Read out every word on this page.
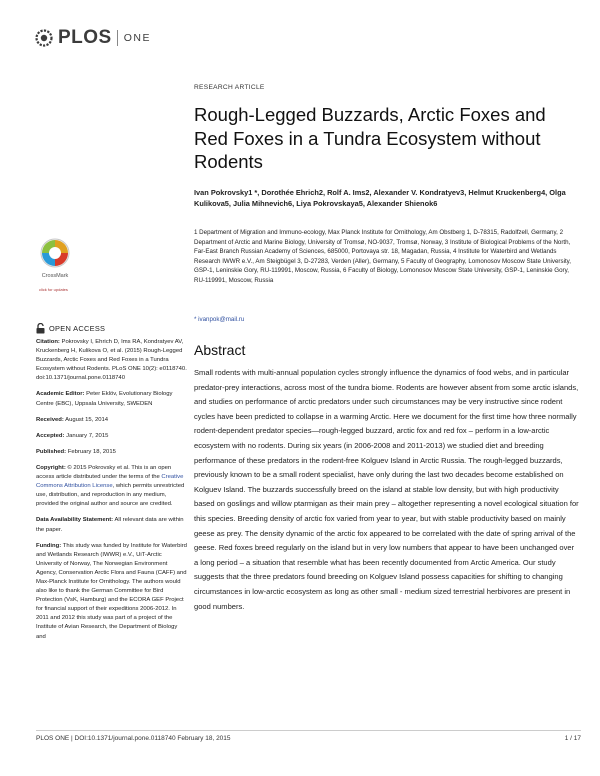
PLOS ONE
RESEARCH ARTICLE
Rough-Legged Buzzards, Arctic Foxes and Red Foxes in a Tundra Ecosystem without Rodents
Ivan Pokrovsky1 *, Dorothée Ehrich2, Rolf A. Ims2, Alexander V. Kondratyev3, Helmut Kruckenberg4, Olga Kulikova5, Julia Mihnevich6, Liya Pokrovskaya5, Alexander Shienok6
1 Department of Migration and Immuno-ecology, Max Planck Institute for Ornithology, Am Obstberg 1, D-78315, Radolfzell, Germany, 2 Department of Arctic and Marine Biology, University of Tromsø, NO-9037, Tromsø, Norway, 3 Institute of Biological Problems of the North, Far-East Branch Russian Academy of Sciences, 685000, Portovaya str. 18, Magadan, Russia, 4 Institute for Waterbird and Wetlands Research IWWR e.V., Am Steigbügel 3, D-27283, Verden (Aller), Germany, 5 Faculty of Geography, Lomonosov Moscow State University, GSP-1, Leninskie Gory, RU-119991, Moscow, Russia, 6 Faculty of Biology, Lomonosov Moscow State University, GSP-1, Leninskie Gory, RU-119991, Moscow, Russia
* ivanpok@mail.ru
CrossMark
click for updates
OPEN ACCESS

Citation: Pokrovsky I, Ehrich D, Ims RA, Kondratyev AV, Kruckenberg H, Kulikova O, et al. (2015) Rough-Legged Buzzards, Arctic Foxes and Red Foxes in a Tundra Ecosystem without Rodents. PLoS ONE 10(2): e0118740. doi:10.1371/journal.pone.0118740

Academic Editor: Peter Eklöv, Evolutionary Biology Centre (EBC), Uppsala University, SWEDEN

Received: August 15, 2014

Accepted: January 7, 2015

Published: February 18, 2015

Copyright: © 2015 Pokrovsky et al. This is an open access article distributed under the terms of the Creative Commons Attribution License, which permits unrestricted use, distribution, and reproduction in any medium, provided the original author and source are credited.

Data Availability Statement: All relevant data are within the paper.

Funding: This study was funded by Institute for Waterbird and Wetlands Research (IWWR) e.V., UiT-Arctic University of Norway, The Norwegian Environment Agency, Conservation Arctic Flora and Fauna (CAFF) and Max-Planck Institute for Ornithology. The authors would also like to thank the German Committee for Bird Protection (VsK, Hamburg) and the ECORA GEF Project for financial support of their expeditions 2006-2012. In 2011 and 2012 this study was part of a project of the Institute of Avian Research, the Department of Biology and

Abstract

Small rodents with multi-annual population cycles strongly influence the dynamics of food webs, and in particular predator-prey interactions, across most of the tundra biome. Rodents are however absent from some arctic islands, and studies on performance of arctic predators under such circumstances may be very instructive since rodent cycles have been predicted to collapse in a warming Arctic. Here we document for the first time how three normally rodent-dependent predator species—rough-legged buzzard, arctic fox and red fox – perform in a low-arctic ecosystem with no rodents. During six years (in 2006-2008 and 2011-2013) we studied diet and breeding performance of these predators in the rodent-free Kolguev Island in Arctic Russia. The rough-legged buzzards, previously known to be a small rodent specialist, have only during the last two decades become established on Kolguev Island. The buzzards successfully breed on the island at stable low density, but with high productivity based on goslings and willow ptarmigan as their main prey – altogether representing a novel ecological situation for this species. Breeding density of arctic fox varied from year to year, but with stable productivity based on mainly geese as prey. The density dynamic of the arctic fox appeared to be correlated with the date of spring arrival of the geese. Red foxes breed regularly on the island but in very low numbers that appear to have been unchanged over a long period – a situation that resemble what has been recently documented from Arctic America. Our study suggests that the three predators found breeding on Kolguev Island possess capacities for shifting to changing circumstances in low-arctic ecosystem as long as other small - medium sized terrestrial herbivores are present in good numbers.

PLOS ONE | DOI:10.1371/journal.pone.0118740 February 18, 2015	1 / 17
